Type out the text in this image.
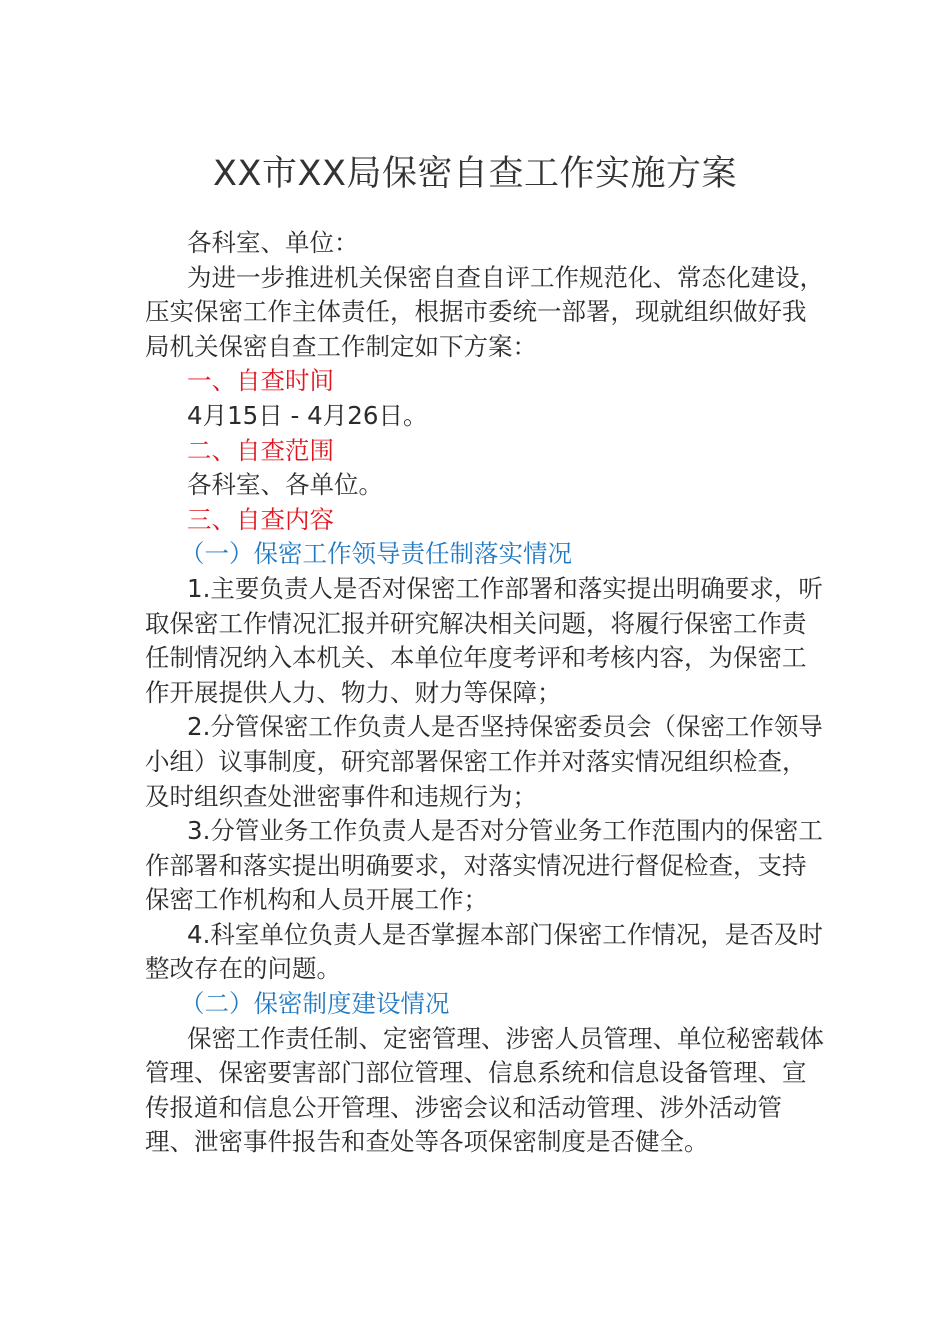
XX市XX局保密自查工作实施方案

各科室、单位：

为进一步推进机关保密自查自评工作规范化、常态化建设，压实保密工作主体责任，根据市委统一部署，现就组织做好我局机关保密自查工作制定如下方案：

一、自查时间

4月15日 - 4月26日。

二、自查范围

各科室、各单位。

三、自查内容

（一）保密工作领导责任制落实情况

1.主要负责人是否对保密工作部署和落实提出明确要求，听取保密工作情况汇报并研究解决相关问题，将履行保密工作责任制情况纳入本机关、本单位年度考评和考核内容，为保密工作开展提供人力、物力、财力等保障；

2.分管保密工作负责人是否坚持保密委员会（保密工作领导小组）议事制度，研究部署保密工作并对落实情况组织检查，及时组织查处泄密事件和违规行为；

3.分管业务工作负责人是否对分管业务工作范围内的保密工作部署和落实提出明确要求，对落实情况进行督促检查，支持保密工作机构和人员开展工作；

4.科室单位负责人是否掌握本部门保密工作情况，是否及时整改存在的问题。

（二）保密制度建设情况

保密工作责任制、定密管理、涉密人员管理、单位秘密载体管理、保密要害部门部位管理、信息系统和信息设备管理、宣传报道和信息公开管理、涉密会议和活动管理、涉外活动管理、泄密事件报告和查处等各项保密制度是否健全。
